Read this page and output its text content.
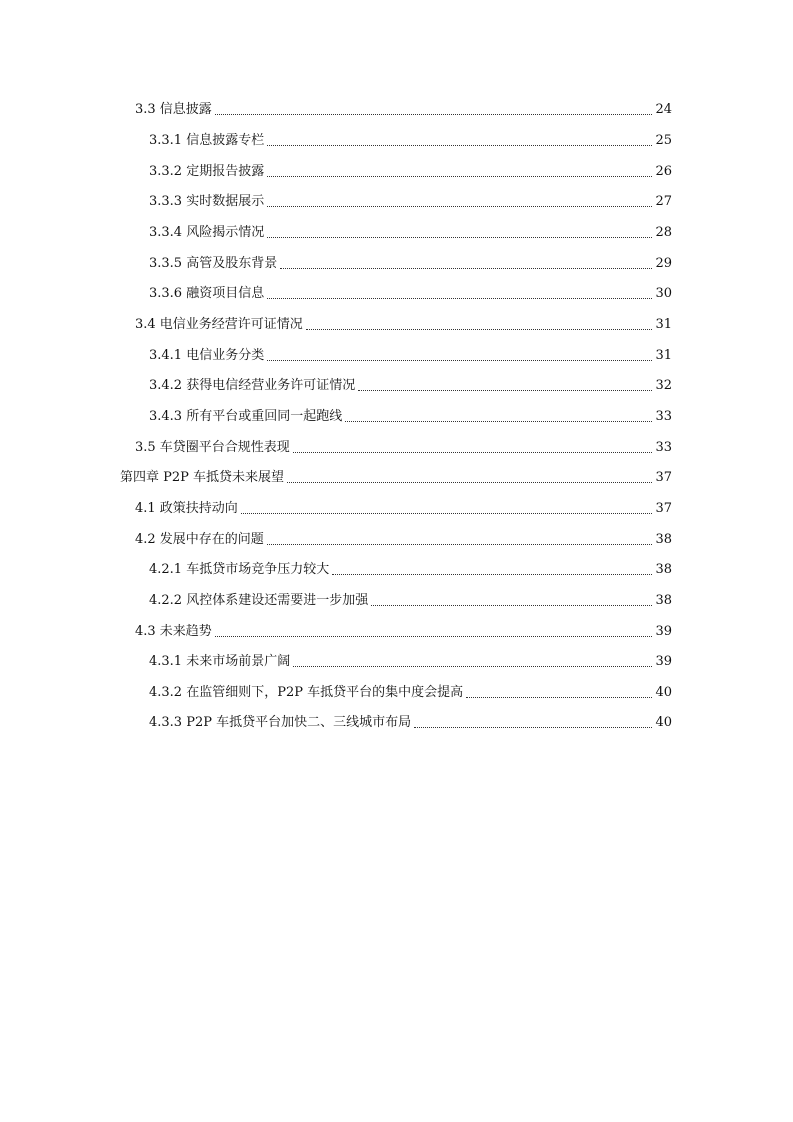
3.3 信息披露	24
3.3.1 信息披露专栏	25
3.3.2 定期报告披露	26
3.3.3 实时数据展示	27
3.3.4 风险揭示情况	28
3.3.5 高管及股东背景	29
3.3.6 融资项目信息	30
3.4 电信业务经营许可证情况	31
3.4.1 电信业务分类	31
3.4.2 获得电信经营业务许可证情况	32
3.4.3 所有平台或重回同一起跑线	33
3.5 车贷圈平台合规性表现	33
第四章 P2P 车抵贷未来展望	37
4.1 政策扶持动向	37
4.2 发展中存在的问题	38
4.2.1 车抵贷市场竞争压力较大	38
4.2.2 风控体系建设还需要进一步加强	38
4.3 未来趋势	39
4.3.1 未来市场前景广阔	39
4.3.2 在监管细则下，P2P 车抵贷平台的集中度会提高	40
4.3.3 P2P 车抵贷平台加快二、三线城市布局	40
